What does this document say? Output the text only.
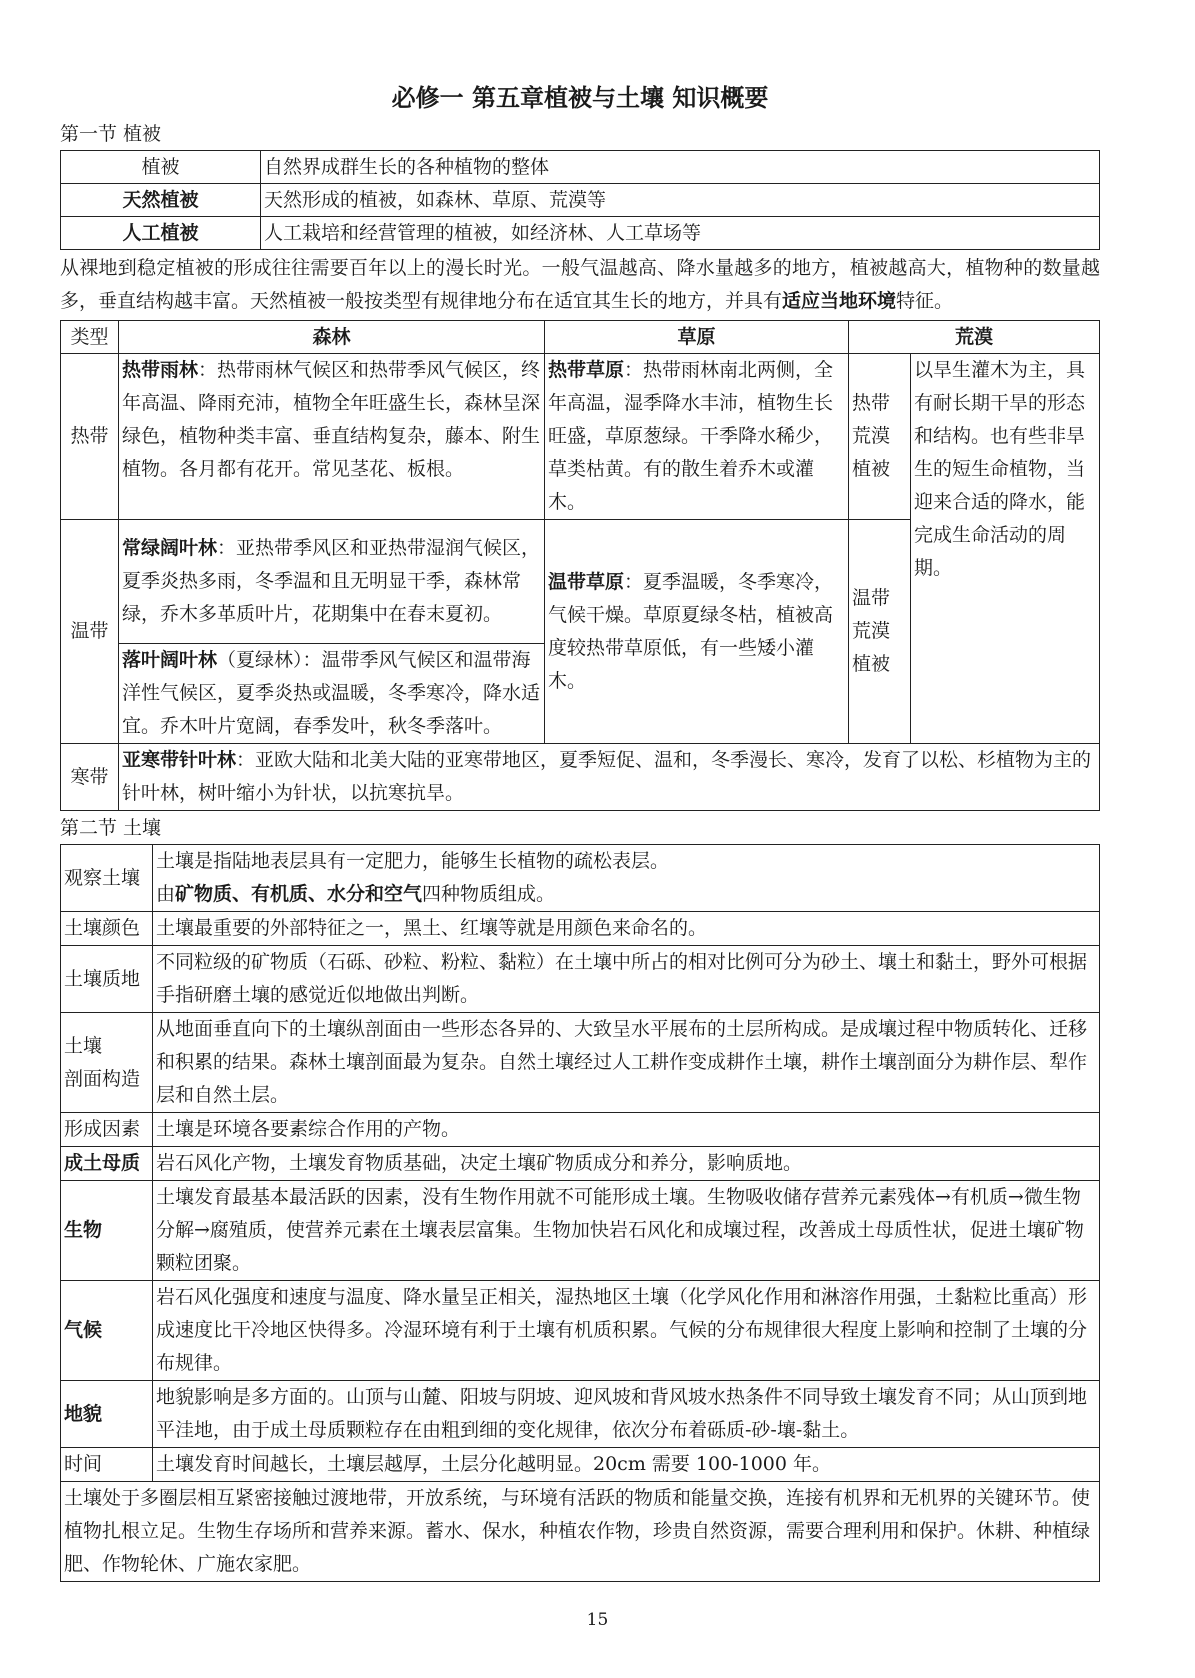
必修一 第五章植被与土壤 知识概要
第一节 植被
植被	自然界成群生长的各种植物的整体
天然植被	天然形成的植被，如森林、草原、荒漠等
人工植被	人工栽培和经营管理的植被，如经济林、人工草场等
从裸地到稳定植被的形成往往需要百年以上的漫长时光。一般气温越高、降水量越多的地方，植被越高大，植物种的数量越多，垂直结构越丰富。天然植被一般按类型有规律地分布在适宜其生长的地方，并具有适应当地环境特征。
类型	森林	草原	荒漠	
热带	热带雨林：热带雨林气候区和热带季风气候区，终年高温、降雨充沛，植物全年旺盛生长，森林呈深绿色，植物种类丰富、垂直结构复杂，藤本、附生植物。各月都有花开。常见茎花、板根。	热带草原：热带雨林南北两侧，全年高温，湿季降水丰沛，植物生长旺盛，草原葱绿。干季降水稀少，草类枯黄。有的散生着乔木或灌木。	热带荒漠植被	以旱生灌木为主，具有耐长期干旱的形态和结构。也有些非旱生的短生命植物，当迎来合适的降水，能完成生命活动的周期。
温带	常绿阔叶林：亚热带季风区和亚热带湿润气候区，夏季炎热多雨，冬季温和且无明显干季，森林常绿，乔木多革质叶片，花期集中在春末夏初。	温带草原：夏季温暖，冬季寒冷，气候干燥。草原夏绿冬枯，植被高度较热带草原低，有一些矮小灌木。	温带荒漠植被	
	落叶阔叶林（夏绿林）：温带季风气候区和温带海洋性气候区，夏季炎热或温暖，冬季寒冷，降水适宜。乔木叶片宽阔，春季发叶，秋冬季落叶。			
寒带	亚寒带针叶林：亚欧大陆和北美大陆的亚寒带地区，夏季短促、温和，冬季漫长、寒冷，发育了以松、杉植物为主的针叶林，树叶缩小为针状，以抗寒抗旱。			
第二节 土壤
观察土壤	土壤是指陆地表层具有一定肥力，能够生长植物的疏松表层。
由矿物质、有机质、水分和空气四种物质组成。

土壤颜色	土壤最重要的外部特征之一，黑土、红壤等就是用颜色来命名的。
土壤质地	不同粒级的矿物质（石砾、砂粒、粉粒、黏粒）在土壤中所占的相对比例可分为砂土、壤土和黏土，野外可根据手指研磨土壤的感觉近似地做出判断。

土壤
剖面构造	从地面垂直向下的土壤纵剖面由一些形态各异的、大致呈水平展布的土层所构成。是成壤过程中物质转化、迁移和积累的结果。森林土壤剖面最为复杂。自然土壤经过人工耕作变成耕作土壤，耕作土壤剖面分为耕作层、犁作层和自然土层。
形成因素	土壤是环境各要素综合作用的产物。
成土母质	岩石风化产物，土壤发育物质基础，决定土壤矿物质成分和养分，影响质地。
生物	土壤发育最基本最活跃的因素，没有生物作用就不可能形成土壤。生物吸收储存营养元素残体→有机质→微生物分解→腐殖质，使营养元素在土壤表层富集。生物加快岩石风化和成壤过程，改善成土母质性状，促进土壤矿物颗粒团聚。
气候	岩石风化强度和速度与温度、降水量呈正相关，湿热地区土壤（化学风化作用和淋溶作用强，土黏粒比重高）形成速度比干冷地区快得多。冷湿环境有利于土壤有机质积累。气候的分布规律很大程度上影响和控制了土壤的分布规律。
地貌	地貌影响是多方面的。山顶与山麓、阳坡与阴坡、迎风坡和背风坡水热条件不同导致土壤发育不同；从山顶到地平洼地，由于成土母质颗粒存在由粗到细的变化规律，依次分布着砾质-砂-壤-黏土。
时间	土壤发育时间越长，土壤层越厚，土层分化越明显。20cm 需要 100-1000 年。
土壤处于多圈层相互紧密接触过渡地带，开放系统，与环境有活跃的物质和能量交换，连接有机界和无机界的关键环节。使植物扎根立足。生物生存场所和营养来源。蓄水、保水，种植农作物，珍贵自然资源，需要合理利用和保护。休耕、种植绿肥、作物轮休、广施农家肥。
15
